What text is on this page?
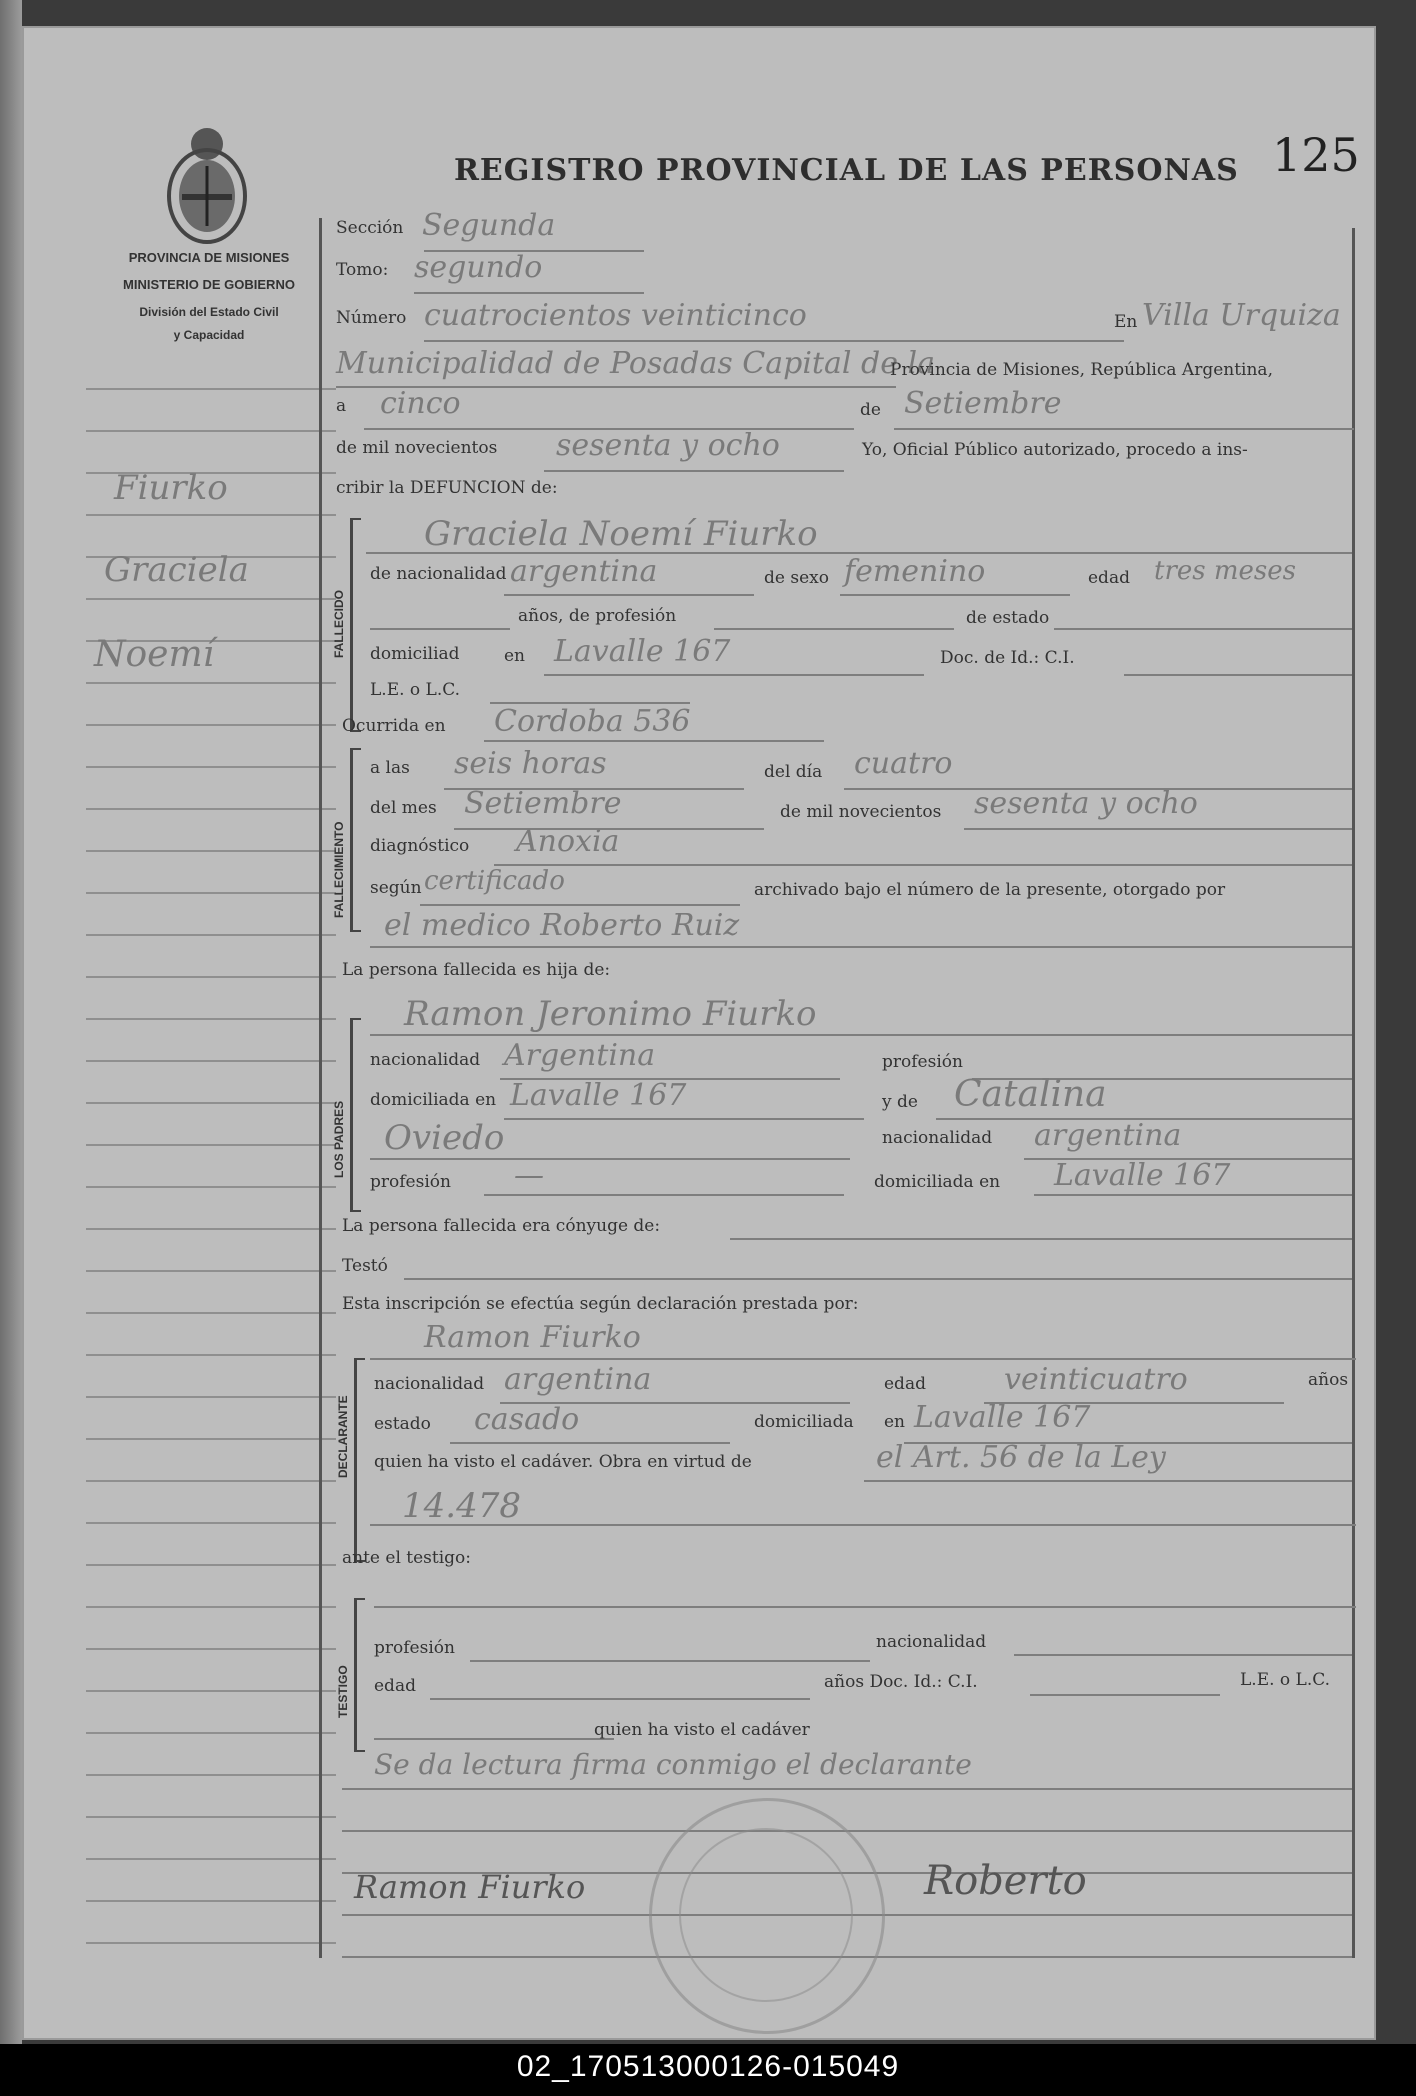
REGISTRO PROVINCIAL DE LAS PERSONAS 125
PROVINCIA DE MISIONES
MINISTERIO DE GOBIERNO
División del Estado Civil
y Capacidad
Fiurko
Graciela
Noemí
Sección Segunda
Tomo: segundo
Número cuatrocientos veinticinco	En Villa Urquiza
Municipalidad de Posadas Capital de la
Provincia de Misiones, República Argentina,
a cinco	de Setiembre
de mil novecientos sesenta y ocho	Yo, Oficial Público autorizado, procedo a ins-
cribir la DEFUNCION de:
FALLECIDO
Graciela Noemí Fiurko
de nacionalidad argentina	de sexo femenino	edad tres meses
años, de profesión	de estado
domiciliad	en Lavalle 167	Doc. de Id.: C.I.
L.E. o L.C.
Ocurrida en Cordoba 536
FALLECIMIENTO
a las seis horas	del día cuatro
del mes Setiembre	de mil novecientos sesenta y ocho
diagnóstico Anoxia
según certificado	archivado bajo el número de la presente, otorgado por
el medico Roberto Ruiz
La persona fallecida es hija de:
LOS PADRES
Ramon Jeronimo Fiurko
nacionalidad Argentina	profesión
domiciliada en Lavalle 167	y de Catalina
Oviedo	nacionalidad argentina
profesión —	domiciliada en Lavalle 167
La persona fallecida era cónyuge de:
Testó
Esta inscripción se efectúa según declaración prestada por:
DECLARANTE
Ramon Fiurko
nacionalidad argentina	edad	veinticuatro	años
estado casado	domiciliada en Lavalle 167
quien ha visto el cadáver. Obra en virtud de	el Art. 56 de la Ley
14.478
ante el testigo:
TESTIGO
profesión	nacionalidad
edad	años Doc. Id.: C.I.	L.E. o L.C.
quien ha visto el cadáver
Se da lectura firma conmigo el declarante
Ramon Fiurko	Roberto
02_170513000126-015049
